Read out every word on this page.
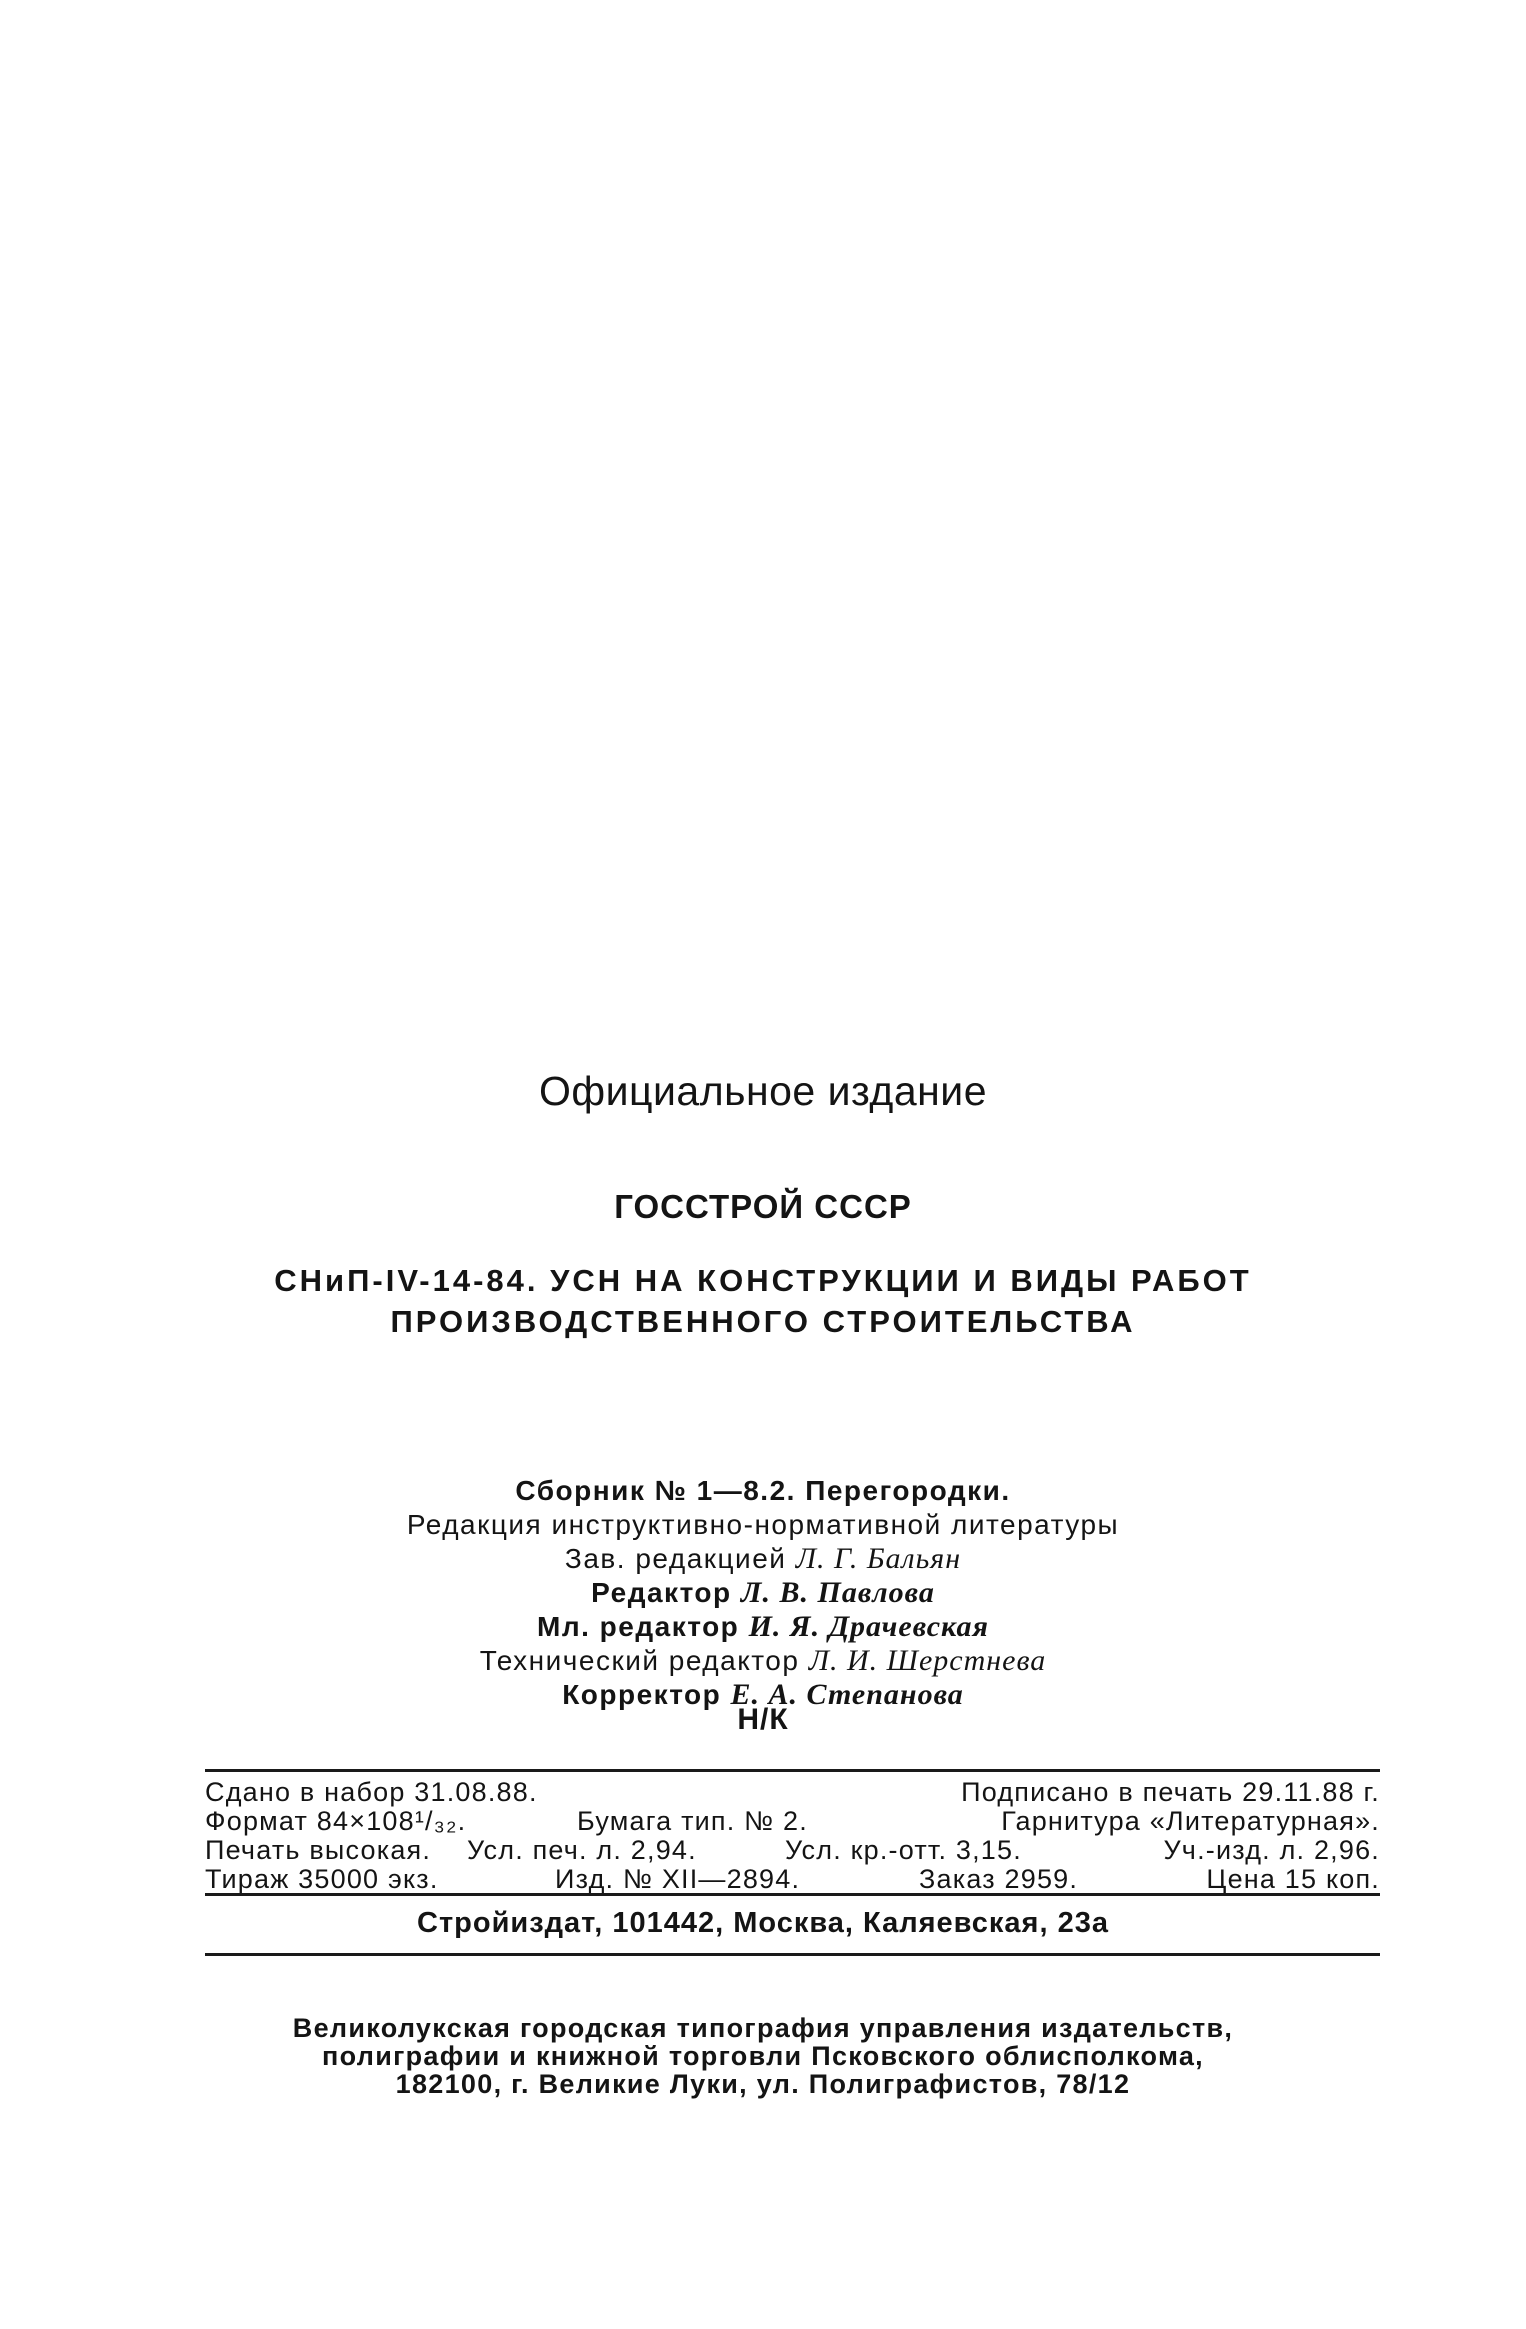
Официальное издание
ГОССТРОЙ СССР
СНиП-IV-14-84. УСН НА КОНСТРУКЦИИ И ВИДЫ РАБОТ
ПРОИЗВОДСТВЕННОГО СТРОИТЕЛЬСТВА
Сборник № 1—8.2. Перегородки.
Редакция инструктивно-нормативной литературы
Зав. редакцией Л. Г. Бальян
Редактор Л. В. Павлова
Мл. редактор И. Я. Драчевская
Технический редактор Л. И. Шерстнева
Корректор Е. А. Степанова
Н/К
Сдано в набор 31.08.88.	Подписано в печать 29.11.88 г.
Формат 84×108¹/₃₂.	Бумага тип. № 2.	Гарнитура «Литературная».
Печать высокая. Усл. печ. л. 2,94.	Усл. кр.-отт. 3,15.	Уч.-изд. л. 2,96.
Тираж 35000 экз.	Изд. № XII—2894.	Заказ 2959.	Цена 15 коп.
Стройиздат, 101442, Москва, Каляевская, 23а
Великолукская городская типография управления издательств,
полиграфии и книжной торговли Псковского облисполкома,
182100, г. Великие Луки, ул. Полиграфистов, 78/12
